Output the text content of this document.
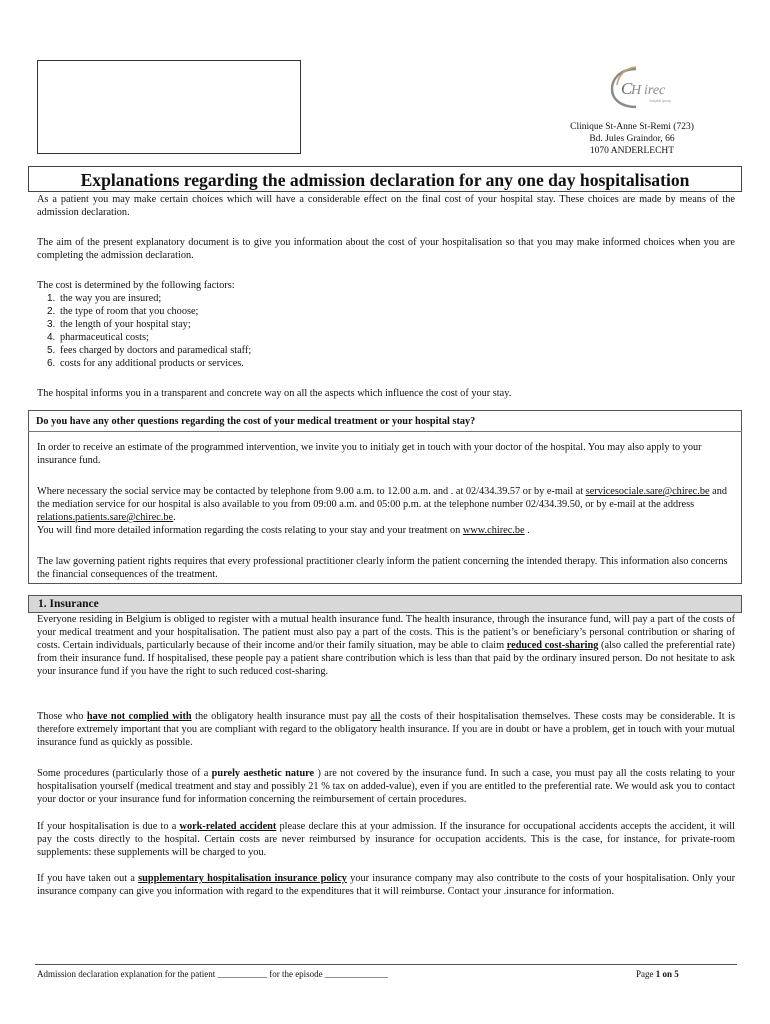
C
H irec
hospital group
Clinique St-Anne St-Remi (723)
Bd. Jules Graindor, 66
1070 ANDERLECHT
Explanations regarding the admission declaration for any one day hospitalisation
As a patient you may make certain choices which will have a considerable effect on the final cost of your hospital stay. These choices are made by means of the admission declaration.
The aim of the present explanatory document is to give you information about the cost of your hospitalisation so that you may make informed choices when you are completing the admission declaration.
The cost is determined by the following factors:
1. the way you are insured;
2. the type of room that you choose;
3. the length of your hospital stay;
4. pharmaceutical costs;
5. fees charged by doctors and paramedical staff;
6. costs for any additional products or services.
The hospital informs you in a transparent and concrete way on all the aspects which influence the cost of your stay.
Do you have any other questions regarding the cost of your medical treatment or your hospital stay?
In order to receive an estimate of the programmed intervention, we invite you to initialy get in touch with your doctor of the hospital. You may also apply to your insurance fund.
Where necessary the social service may be contacted by telephone from 9.00 a.m. to 12.00 a.m. and . at 02/434.39.57 or by e-mail at servicesociale.sare@chirec.be and the mediation service for our hospital is also available to you from 09:00 a.m. and 05:00 p.m. at the telephone number 02/434.39.50, or by e-mail at the address relations.patients.sare@chirec.be.
You will find more detailed information regarding the costs relating to your stay and your treatment on www.chirec.be .
The law governing patient rights requires that every professional practitioner clearly inform the patient concerning the intended therapy. This information also concerns the financial consequences of the treatment.
1. Insurance
Everyone residing in Belgium is obliged to register with a mutual health insurance fund. The health insurance, through the insurance fund, will pay a part of the costs of your medical treatment and your hospitalisation. The patient must also pay a part of the costs. This is the patient’s or beneficiary’s personal contribution or sharing of costs. Certain individuals, particularly because of their income and/or their family situation, may be able to claim reduced cost-sharing (also called the preferential rate) from their insurance fund. If hospitalised, these people pay a patient share contribution which is less than that paid by the ordinary insured person. Do not hesitate to ask your insurance fund if you have the right to such reduced cost-sharing.
Those who have not complied with the obligatory health insurance must pay all the costs of their hospitalisation themselves. These costs may be considerable. It is therefore extremely important that you are compliant with regard to the obligatory health insurance. If you are in doubt or have a problem, get in touch with your mutual insurance fund as quickly as possible.
Some procedures (particularly those of a purely aesthetic nature ) are not covered by the insurance fund. In such a case, you must pay all the costs relating to your hospitalisation yourself (medical treatment and stay and possibly 21 % tax on added-value), even if you are entitled to the preferential rate. We would ask you to contact your doctor or your insurance fund for information concerning the reimbursement of certain procedures.
If your hospitalisation is due to a work-related accident please declare this at your admission. If the insurance for occupational accidents accepts the accident, it will pay the costs directly to the hospital. Certain costs are never reimbursed by insurance for occupation accidents. This is the case, for instance, for private-room supplements: these supplements will be charged to you.
If you have taken out a supplementary hospitalisation insurance policy your insurance company may also contribute to the costs of your hospitalisation. Only your insurance company can give you information with regard to the expenditures that it will reimburse. Contact your .insurance for information.
Admission declaration explanation for the patient ___________ for the episode ______________	Page 1 on 5
